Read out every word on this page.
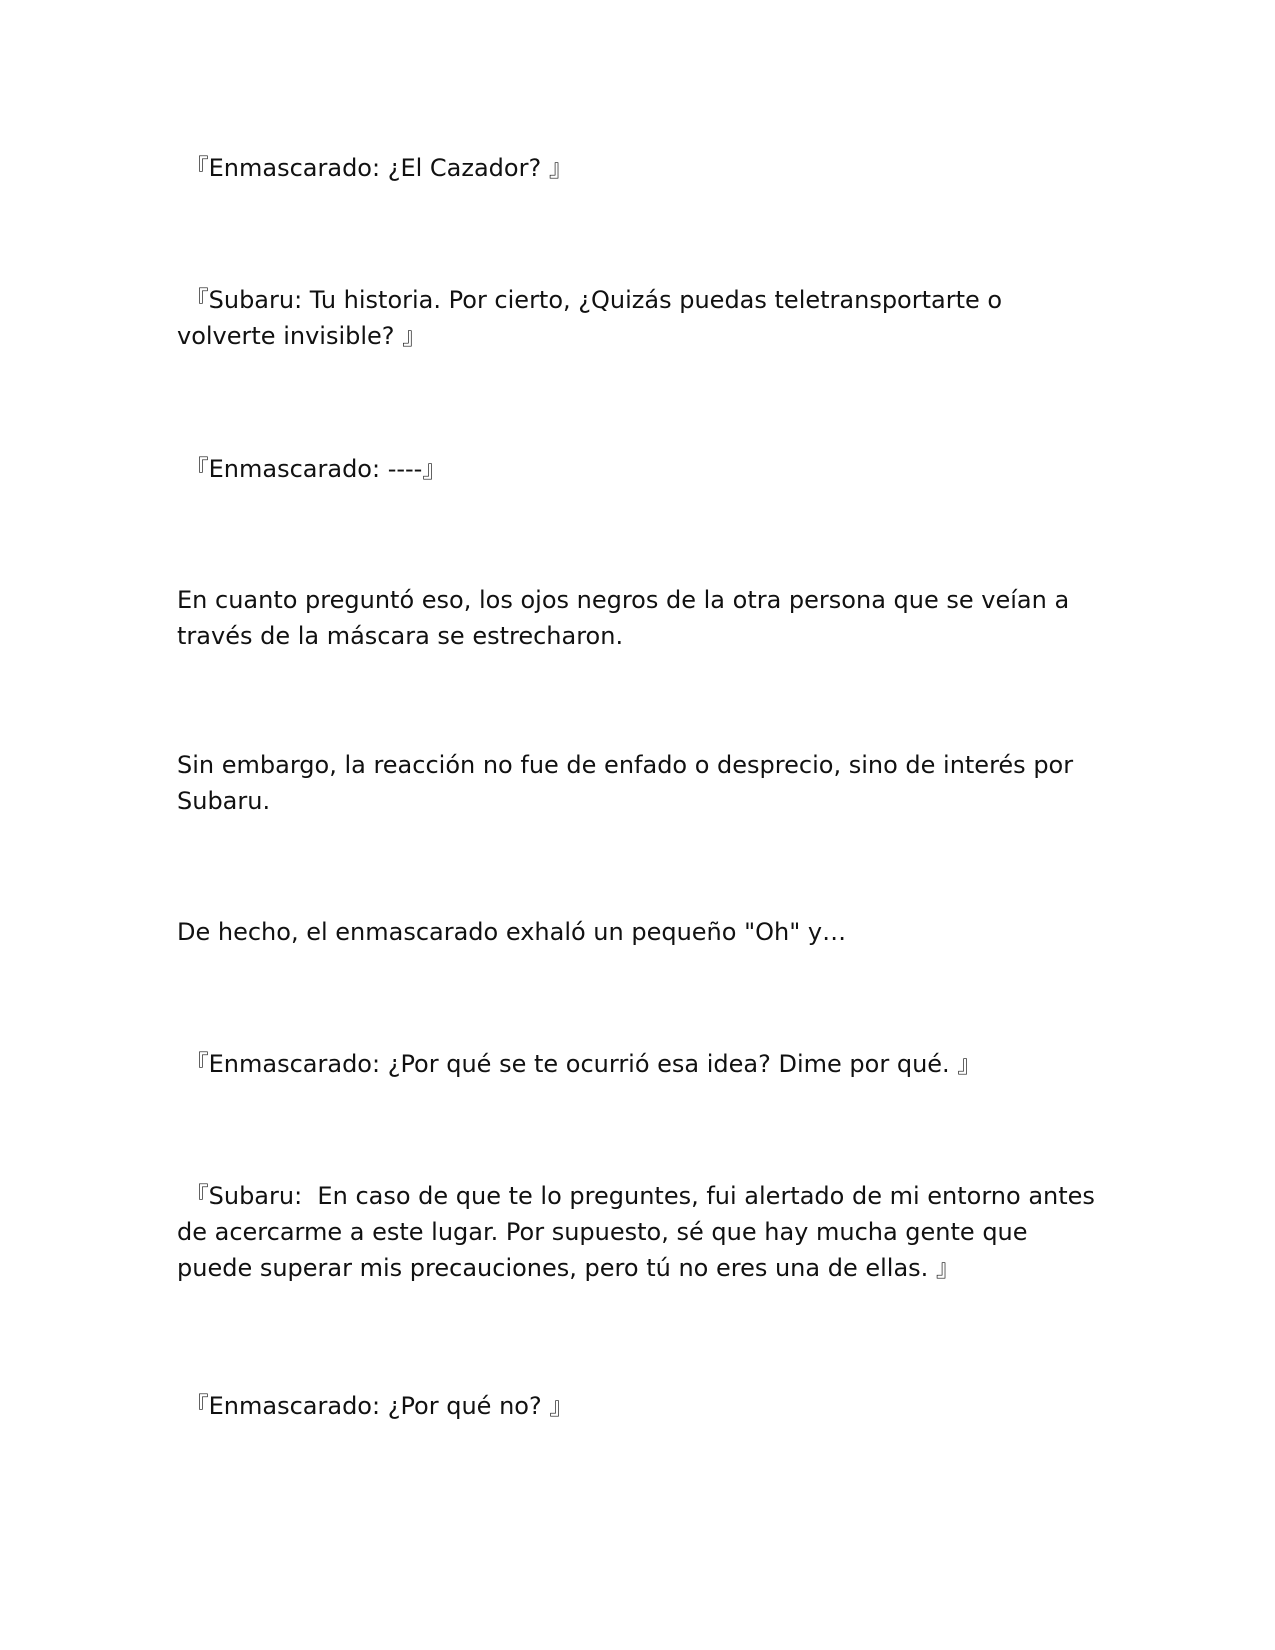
『Enmascarado: ¿El Cazador? 』

『Subaru: Tu historia. Por cierto, ¿Quizás puedas teletransportarte o volverte invisible? 』

『Enmascarado: ----』

En cuanto preguntó eso, los ojos negros de la otra persona que se veían a través de la máscara se estrecharon.

Sin embargo, la reacción no fue de enfado o desprecio, sino de interés por Subaru.

De hecho, el enmascarado exhaló un pequeño "Oh" y…

『Enmascarado: ¿Por qué se te ocurrió esa idea? Dime por qué. 』

『Subaru:  En caso de que te lo preguntes, fui alertado de mi entorno antes de acercarme a este lugar. Por supuesto, sé que hay mucha gente que puede superar mis precauciones, pero tú no eres una de ellas. 』

『Enmascarado: ¿Por qué no? 』
